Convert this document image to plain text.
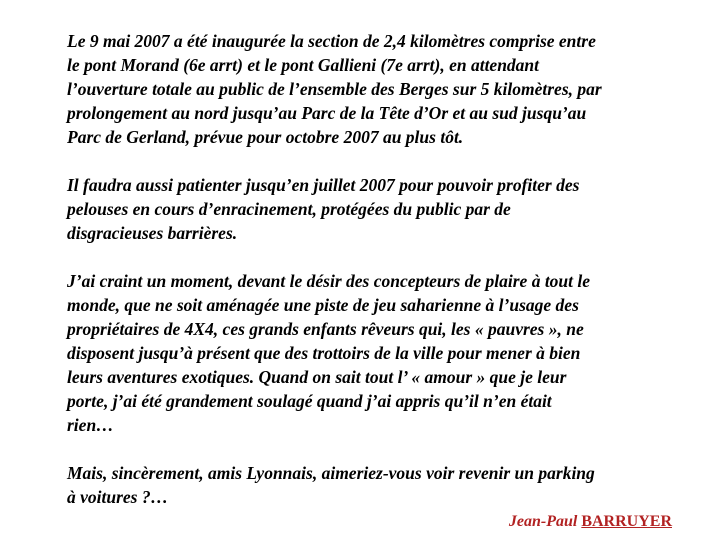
Le 9 mai 2007 a été inaugurée la section de 2,4 kilomètres comprise entre
le pont Morand (6e arrt) et le pont Gallieni (7e arrt), en attendant
l’ouverture totale au public de l’ensemble des Berges sur 5 kilomètres, par
prolongement au nord jusqu’au Parc de la Tête d’Or et au sud jusqu’au
Parc de Gerland, prévue pour octobre 2007 au plus tôt.

Il faudra aussi patienter jusqu’en juillet 2007 pour pouvoir profiter des
pelouses en cours d’enracinement, protégées du public par de
disgracieuses barrières.

J’ai craint un moment, devant le désir des concepteurs de plaire à tout le
monde, que ne soit aménagée une piste de jeu saharienne à l’usage des
propriétaires de 4X4, ces grands enfants rêveurs qui, les « pauvres », ne
disposent jusqu’à présent que des trottoirs de la ville pour mener à bien
leurs aventures exotiques. Quand on sait tout l’ « amour » que je leur
porte, j’ai été grandement soulagé quand j’ai appris qu’il n’en était
rien…

Mais, sincèrement, amis Lyonnais, aimeriez-vous voir revenir un parking
à voitures ?…

Jean-Paul BARRUYER
